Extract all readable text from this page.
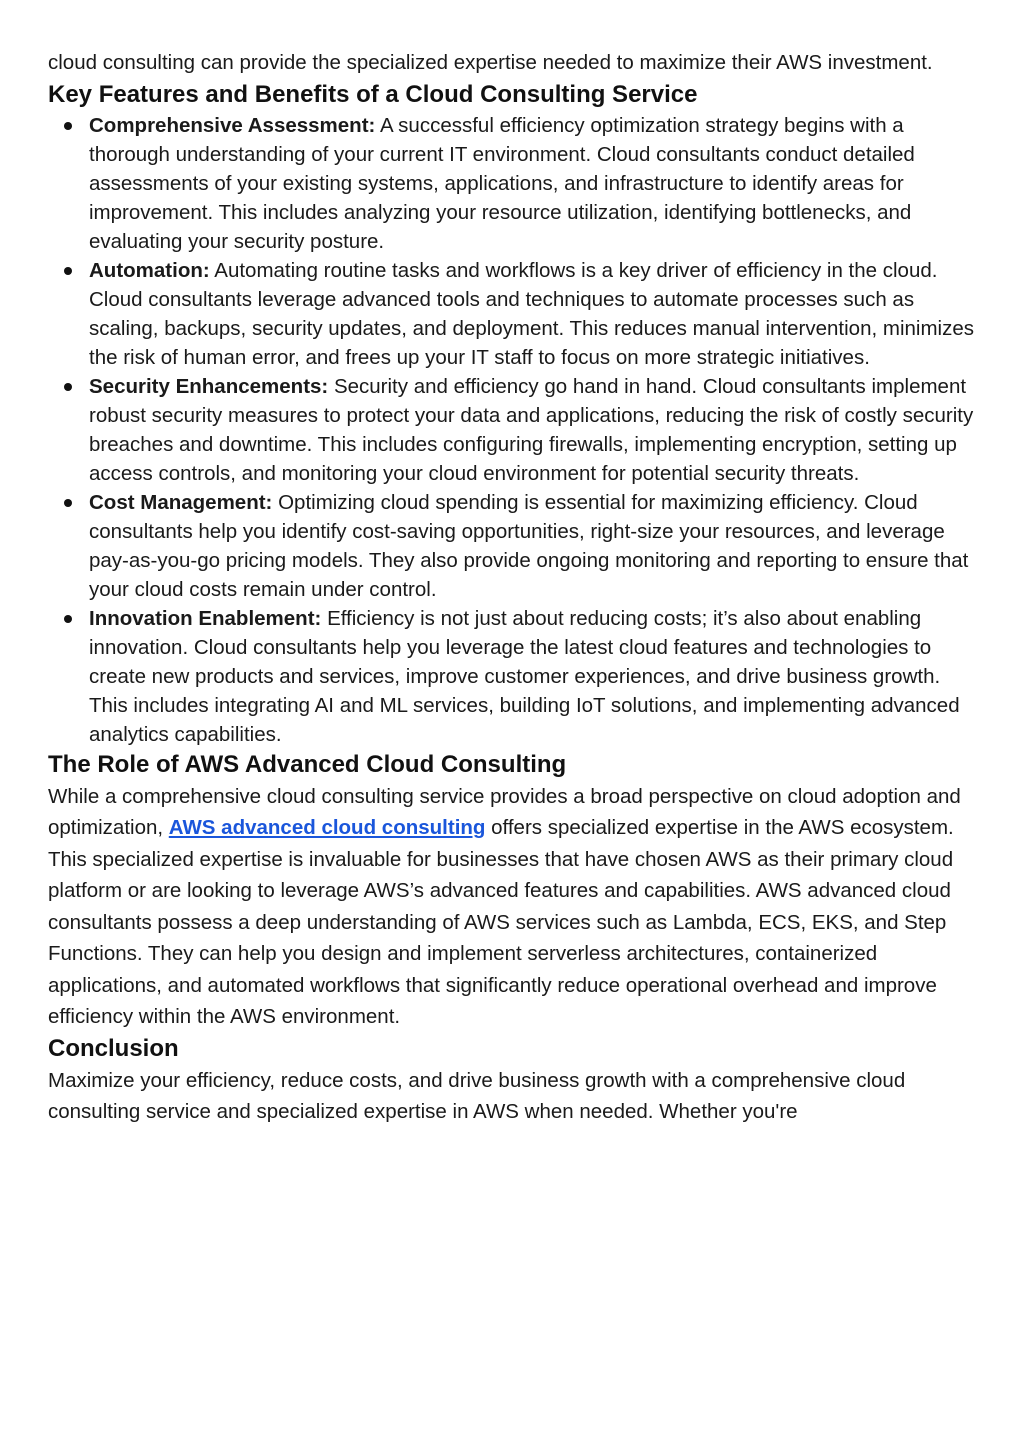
cloud consulting can provide the specialized expertise needed to maximize their AWS investment.

Key Features and Benefits of a Cloud Consulting Service
Comprehensive Assessment: A successful efficiency optimization strategy begins with a thorough understanding of your current IT environment. Cloud consultants conduct detailed assessments of your existing systems, applications, and infrastructure to identify areas for improvement. This includes analyzing your resource utilization, identifying bottlenecks, and evaluating your security posture.
Automation: Automating routine tasks and workflows is a key driver of efficiency in the cloud. Cloud consultants leverage advanced tools and techniques to automate processes such as scaling, backups, security updates, and deployment. This reduces manual intervention, minimizes the risk of human error, and frees up your IT staff to focus on more strategic initiatives.
Security Enhancements: Security and efficiency go hand in hand. Cloud consultants implement robust security measures to protect your data and applications, reducing the risk of costly security breaches and downtime. This includes configuring firewalls, implementing encryption, setting up access controls, and monitoring your cloud environment for potential security threats.
Cost Management: Optimizing cloud spending is essential for maximizing efficiency. Cloud consultants help you identify cost-saving opportunities, right-size your resources, and leverage pay-as-you-go pricing models. They also provide ongoing monitoring and reporting to ensure that your cloud costs remain under control.
Innovation Enablement: Efficiency is not just about reducing costs; it’s also about enabling innovation. Cloud consultants help you leverage the latest cloud features and technologies to create new products and services, improve customer experiences, and drive business growth. This includes integrating AI and ML services, building IoT solutions, and implementing advanced analytics capabilities.
The Role of AWS Advanced Cloud Consulting

While a comprehensive cloud consulting service provides a broad perspective on cloud adoption and optimization, AWS advanced cloud consulting offers specialized expertise in the AWS ecosystem. This specialized expertise is invaluable for businesses that have chosen AWS as their primary cloud platform or are looking to leverage AWS’s advanced features and capabilities. AWS advanced cloud consultants possess a deep understanding of AWS services such as Lambda, ECS, EKS, and Step Functions. They can help you design and implement serverless architectures, containerized applications, and automated workflows that significantly reduce operational overhead and improve efficiency within the AWS environment.

Conclusion

Maximize your efficiency, reduce costs, and drive business growth with a comprehensive cloud consulting service and specialized expertise in AWS when needed. Whether you're
